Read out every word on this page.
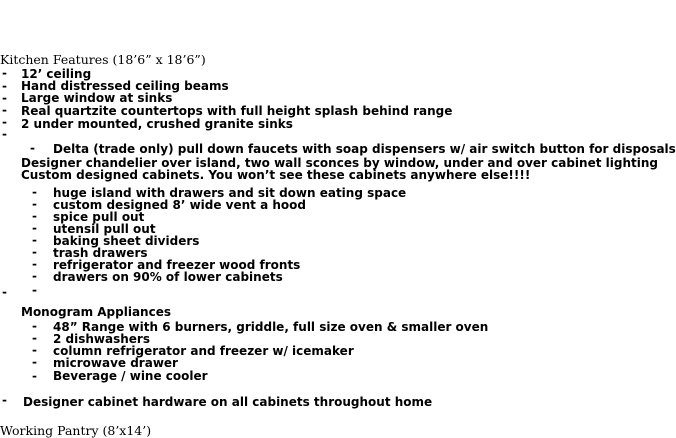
Kitchen Features (18’6” x 18’6”)
- 12’ ceiling
- Hand distressed ceiling beams
- Large window at sinks
- Real quartzite countertops with full height splash behind range
- 2 under mounted, crushed granite sinks
-
- Delta (trade only) pull down faucets with soap dispensers w/ air switch button for disposals
Designer chandelier over island, two wall sconces by window, under and over cabinet lighting
Custom designed cabinets. You won’t see these cabinets anywhere else!!!!
- huge island with drawers and sit down eating space
- custom designed 8’ wide vent a hood
- spice pull out
- utensil pull out
- baking sheet dividers
- trash drawers
- refrigerator and freezer wood fronts
- drawers on 90% of lower cabinets
-
-
Monogram Appliances
- 48” Range with 6 burners, griddle, full size oven & smaller oven
- 2 dishwashers
- column refrigerator and freezer w/ icemaker
- microwave drawer
- Beverage / wine cooler
- Designer cabinet hardware on all cabinets throughout home
Working Pantry (8’x14’)
